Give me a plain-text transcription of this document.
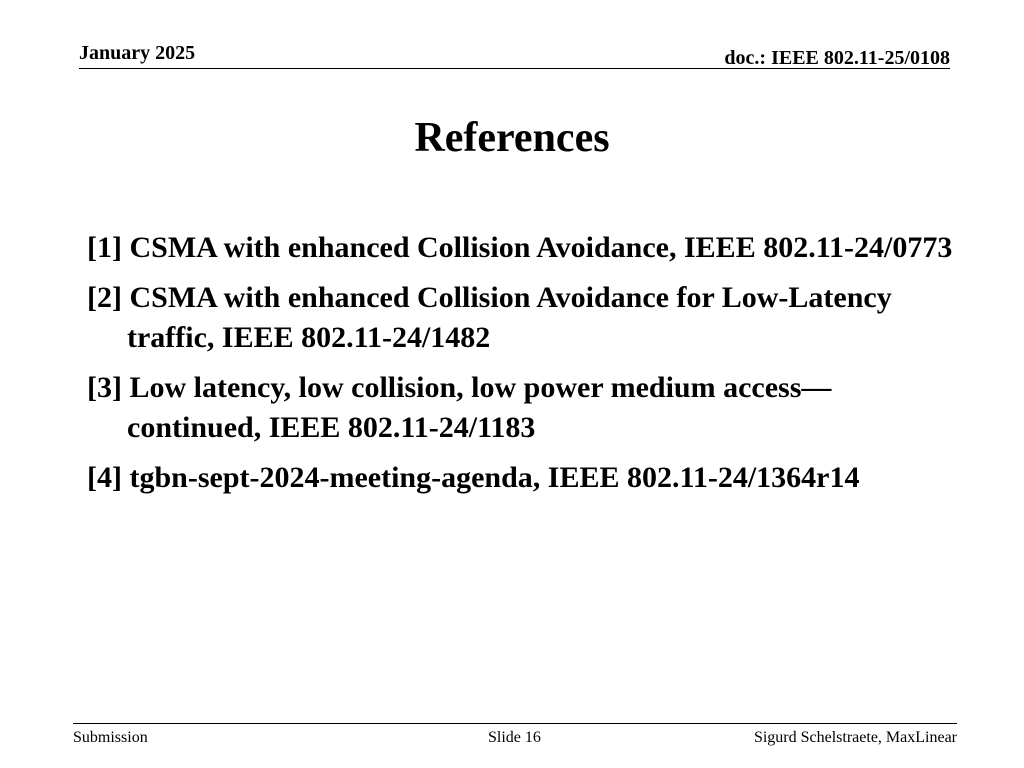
January 2025	doc.: IEEE 802.11-25/0108
References
[1] CSMA with enhanced Collision Avoidance, IEEE 802.11-24/0773
[2] CSMA with enhanced Collision Avoidance for Low-Latency traffic, IEEE 802.11-24/1482
[3] Low latency, low collision, low power medium access—continued, IEEE 802.11-24/1183
[4] tgbn-sept-2024-meeting-agenda, IEEE 802.11-24/1364r14
Submission	Slide 16	Sigurd Schelstraete, MaxLinear
